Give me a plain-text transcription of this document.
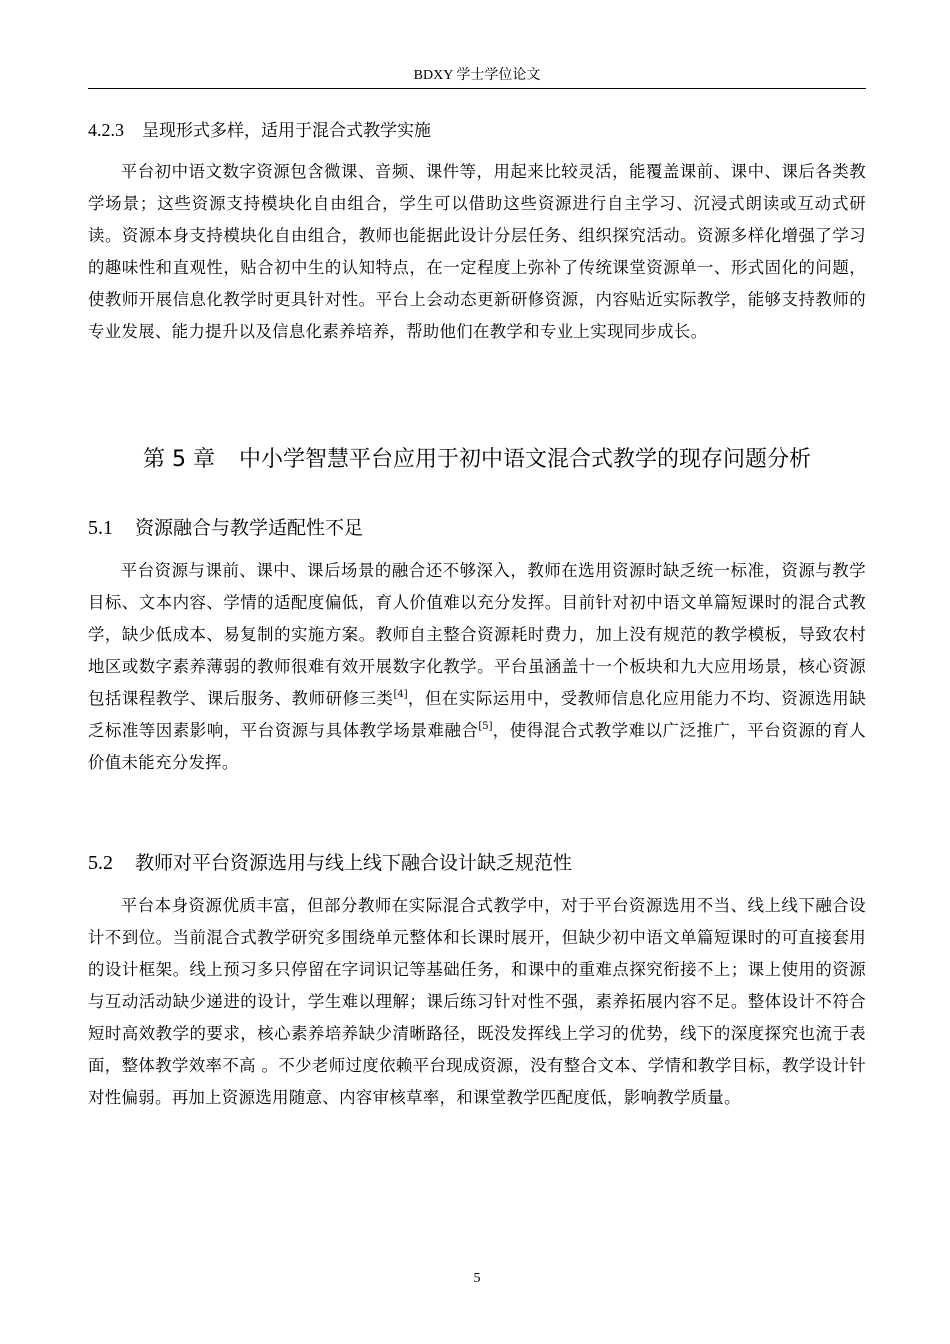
BDXY 学士学位论文
4.2.3 呈现形式多样，适用于混合式教学实施
平台初中语文数字资源包含微课、音频、课件等，用起来比较灵活，能覆盖课前、课中、课后各类教学场景；这些资源支持模块化自由组合，学生可以借助这些资源进行自主学习、沉浸式朗读或互动式研读。资源本身支持模块化自由组合，教师也能据此设计分层任务、组织探究活动。资源多样化增强了学习的趣味性和直观性，贴合初中生的认知特点，在一定程度上弥补了传统课堂资源单一、形式固化的问题，使教师开展信息化教学时更具针对性。平台上会动态更新研修资源，内容贴近实际教学，能够支持教师的专业发展、能力提升以及信息化素养培养，帮助他们在教学和专业上实现同步成长。
第 5 章 中小学智慧平台应用于初中语文混合式教学的现存问题分析
5.1 资源融合与教学适配性不足
平台资源与课前、课中、课后场景的融合还不够深入，教师在选用资源时缺乏统一标准，资源与教学目标、文本内容、学情的适配度偏低，育人价值难以充分发挥。目前针对初中语文单篇短课时的混合式教学，缺少低成本、易复制的实施方案。教师自主整合资源耗时费力，加上没有规范的教学模板，导致农村地区或数字素养薄弱的教师很难有效开展数字化教学。平台虽涵盖十一个板块和九大应用场景，核心资源包括课程教学、课后服务、教师研修三类[4]，但在实际运用中，受教师信息化应用能力不均、资源选用缺乏标准等因素影响，平台资源与具体教学场景难融合[5]，使得混合式教学难以广泛推广，平台资源的育人价值未能充分发挥。
5.2 教师对平台资源选用与线上线下融合设计缺乏规范性
平台本身资源优质丰富，但部分教师在实际混合式教学中，对于平台资源选用不当、线上线下融合设计不到位。当前混合式教学研究多围绕单元整体和长课时展开，但缺少初中语文单篇短课时的可直接套用的设计框架。线上预习多只停留在字词识记等基础任务，和课中的重难点探究衔接不上；课上使用的资源与互动活动缺少递进的设计，学生难以理解；课后练习针对性不强，素养拓展内容不足。整体设计不符合短时高效教学的要求，核心素养培养缺少清晰路径，既没发挥线上学习的优势，线下的深度探究也流于表面，整体教学效率不高 。不少老师过度依赖平台现成资源，没有整合文本、学情和教学目标，教学设计针对性偏弱。再加上资源选用随意、内容审核草率，和课堂教学匹配度低，影响教学质量。
5
